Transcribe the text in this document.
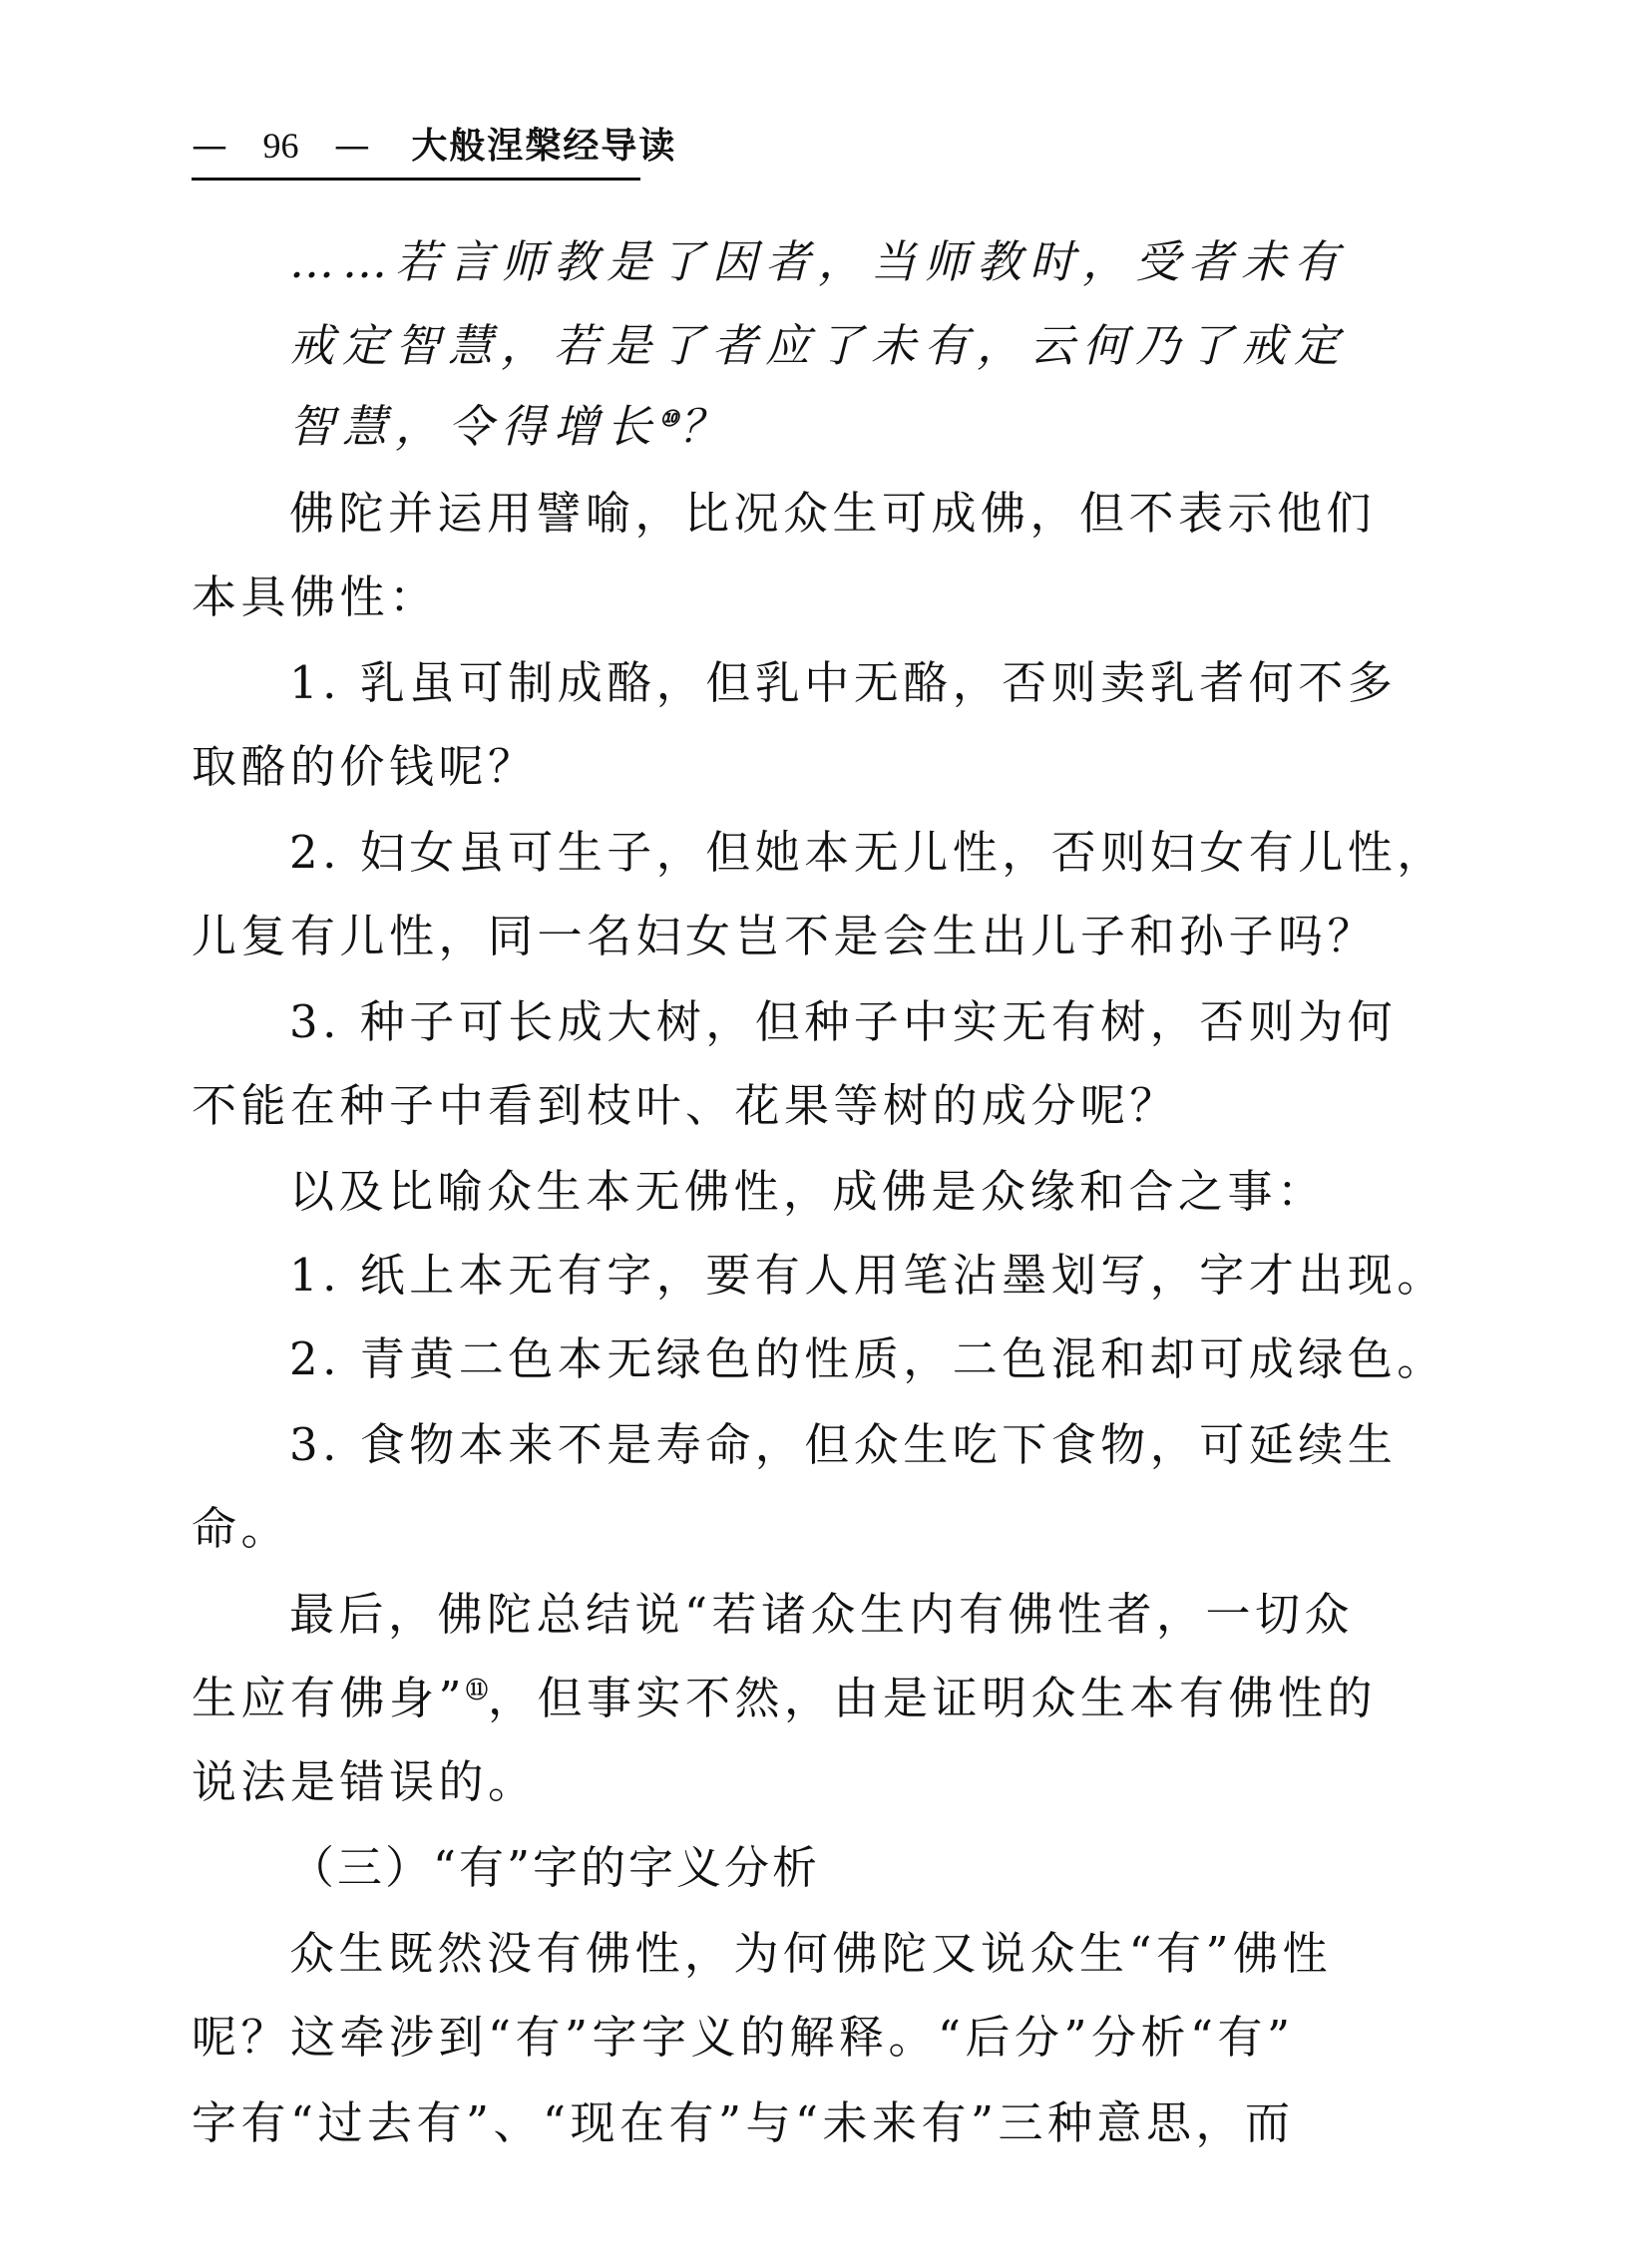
— 96 — 大般涅槃经导读
……若言师教是了因者，当师教时，受者未有
戒定智慧，若是了者应了未有，云何乃了戒定
智慧，令得增长⑩？
佛陀并运用譬喻，比况众生可成佛，但不表示他们
本具佛性：
1. 乳虽可制成酪，但乳中无酪，否则卖乳者何不多
取酪的价钱呢？
2. 妇女虽可生子，但她本无儿性，否则妇女有儿性，
儿复有儿性，同一名妇女岂不是会生出儿子和孙子吗？
3. 种子可长成大树，但种子中实无有树，否则为何
不能在种子中看到枝叶、花果等树的成分呢？
以及比喻众生本无佛性，成佛是众缘和合之事：
1. 纸上本无有字，要有人用笔沾墨划写，字才出现。
2. 青黄二色本无绿色的性质，二色混和却可成绿色。
3. 食物本来不是寿命，但众生吃下食物，可延续生
命。
最后，佛陀总结说“若诸众生内有佛性者，一切众
生应有佛身”⑪，但事实不然，由是证明众生本有佛性的
说法是错误的。
（三）“有”字的字义分析
众生既然没有佛性，为何佛陀又说众生“有”佛性
呢？这牵涉到“有”字字义的解释。“后分”分析“有”
字有“过去有”、“现在有”与“未来有”三种意思，而
